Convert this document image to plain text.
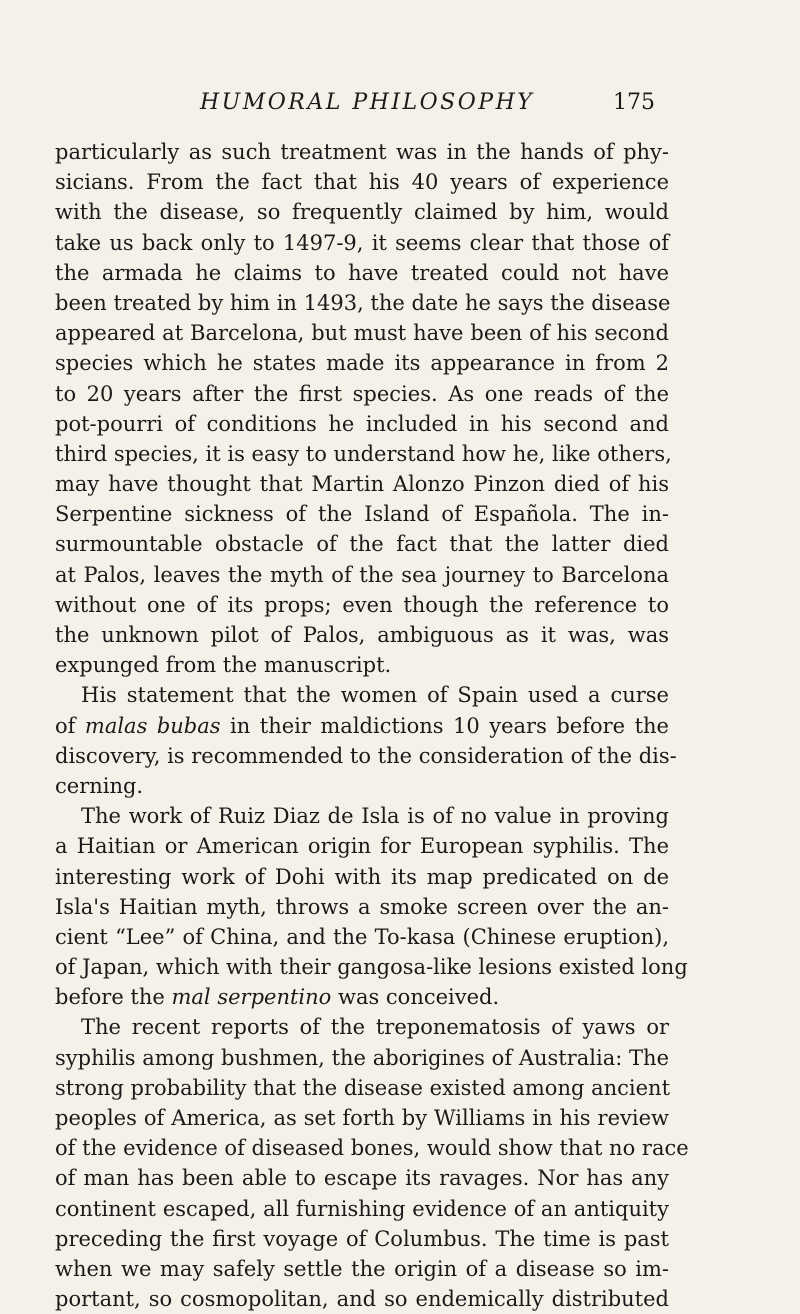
HUMORAL PHILOSOPHY	175
particularly as such treatment was in the hands of phy-
sicians. From the fact that his 40 years of experience
with the disease, so frequently claimed by him, would
take us back only to 1497-9, it seems clear that those of
the armada he claims to have treated could not have
been treated by him in 1493, the date he says the disease
appeared at Barcelona, but must have been of his second
species which he states made its appearance in from 2
to 20 years after the first species. As one reads of the
pot-pourri of conditions he included in his second and
third species, it is easy to understand how he, like others,
may have thought that Martin Alonzo Pinzon died of his
Serpentine sickness of the Island of Española. The in-
surmountable obstacle of the fact that the latter died
at Palos, leaves the myth of the sea journey to Barcelona
without one of its props; even though the reference to
the unknown pilot of Palos, ambiguous as it was, was
expunged from the manuscript.
His statement that the women of Spain used a curse
of malas bubas in their maldictions 10 years before the
discovery, is recommended to the consideration of the dis-
cerning.
The work of Ruiz Diaz de Isla is of no value in proving
a Haitian or American origin for European syphilis. The
interesting work of Dohi with its map predicated on de
Isla's Haitian myth, throws a smoke screen over the an-
cient “Lee” of China, and the To-kasa (Chinese eruption),
of Japan, which with their gangosa-like lesions existed long
before the mal serpentino was conceived.
The recent reports of the treponematosis of yaws or
syphilis among bushmen, the aborigines of Australia: The
strong probability that the disease existed among ancient
peoples of America, as set forth by Williams in his review
of the evidence of diseased bones, would show that no race
of man has been able to escape its ravages. Nor has any
continent escaped, all furnishing evidence of an antiquity
preceding the first voyage of Columbus. The time is past
when we may safely settle the origin of a disease so im-
portant, so cosmopolitan, and so endemically distributed
